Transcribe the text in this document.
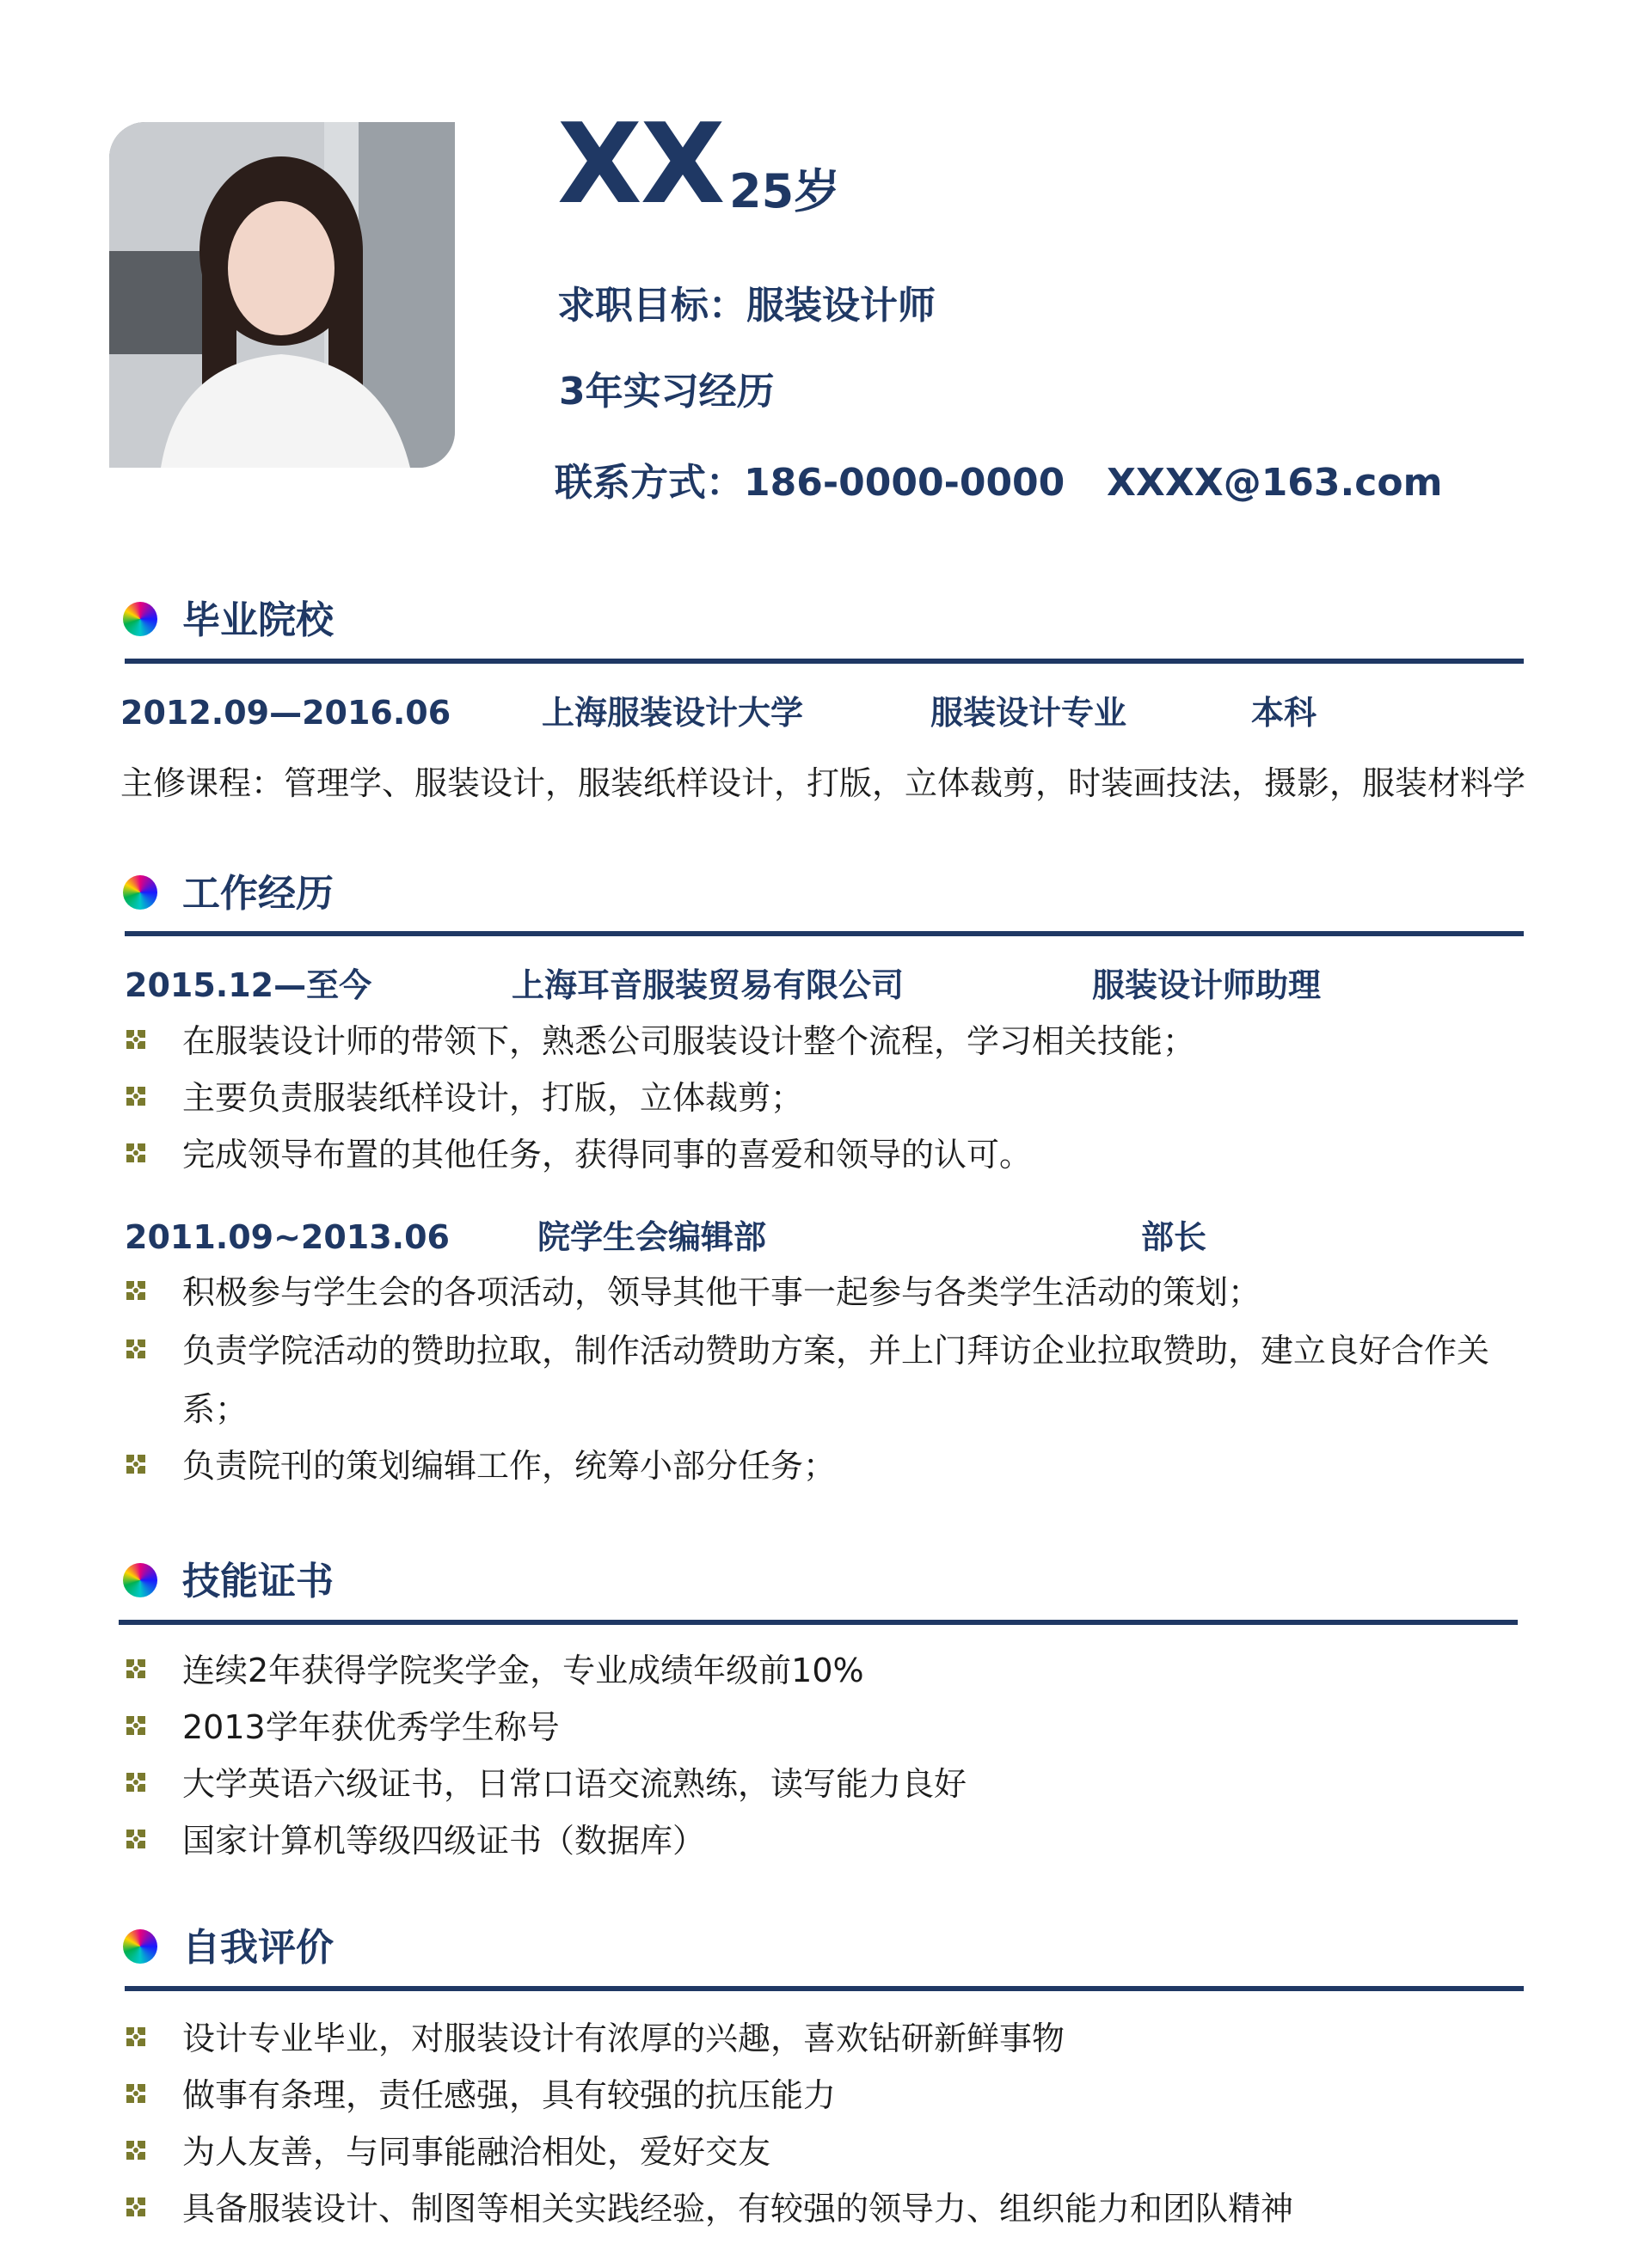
XX 25岁
求职目标：服装设计师
3年实习经历
联系方式：186-0000-0000 XXXX@163.com
毕业院校
2012.09—2016.06	上海服装设计大学	服装设计专业	本科
主修课程：管理学、服装设计，服装纸样设计，打版，立体裁剪，时装画技法，摄影，服装材料学
工作经历
2015.12—至今	上海耳音服装贸易有限公司	服装设计师助理
在服装设计师的带领下，熟悉公司服装设计整个流程，学习相关技能；
主要负责服装纸样设计，打版，立体裁剪；
完成领导布置的其他任务，获得同事的喜爱和领导的认可。
2011.09~2013.06	院学生会编辑部	部长
积极参与学生会的各项活动，领导其他干事一起参与各类学生活动的策划；
负责学院活动的赞助拉取，制作活动赞助方案，并上门拜访企业拉取赞助，建立良好合作关
系；
负责院刊的策划编辑工作，统筹小部分任务；
技能证书
连续2年获得学院奖学金，专业成绩年级前10%
2013学年获优秀学生称号
大学英语六级证书，日常口语交流熟练，读写能力良好
国家计算机等级四级证书（数据库）
自我评价
设计专业毕业，对服装设计有浓厚的兴趣，喜欢钻研新鲜事物
做事有条理，责任感强，具有较强的抗压能力
为人友善，与同事能融洽相处，爱好交友
具备服装设计、制图等相关实践经验，有较强的领导力、组织能力和团队精神
